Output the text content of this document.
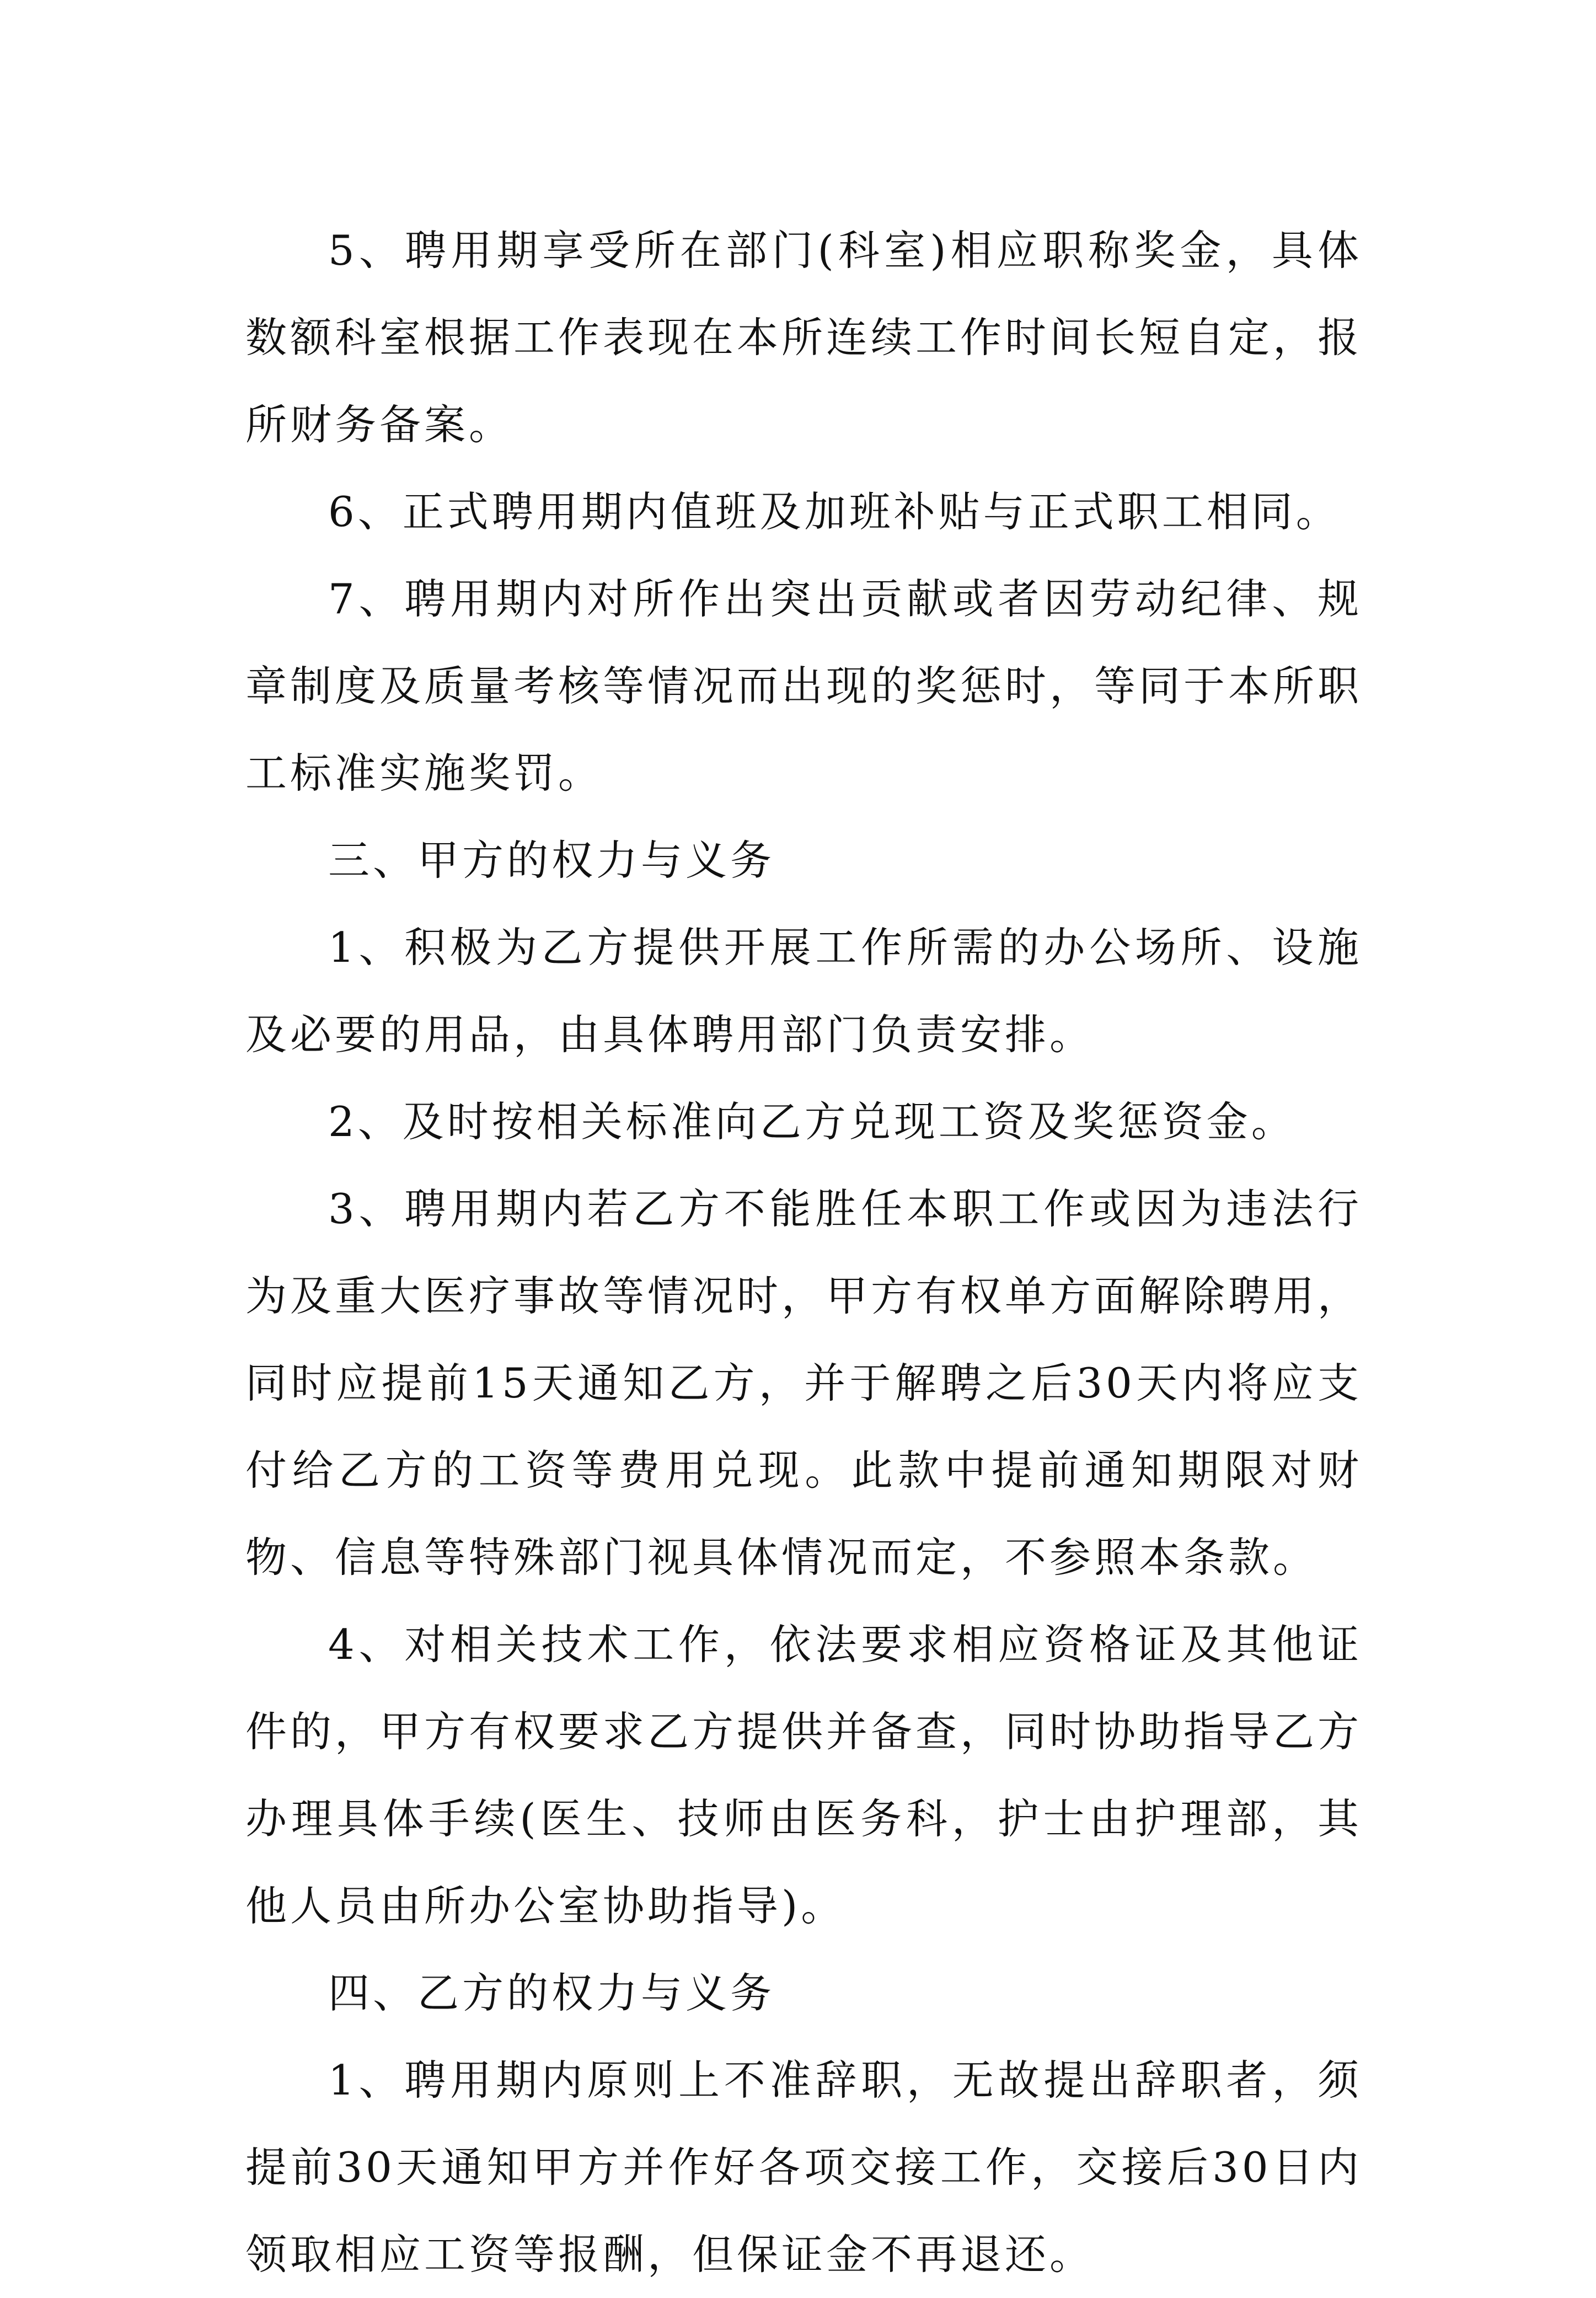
5、聘用期享受所在部门(科室)相应职称奖金，具体数额科室根据工作表现在本所连续工作时间长短自定，报所财务备案。

6、正式聘用期内值班及加班补贴与正式职工相同。

7、聘用期内对所作出突出贡献或者因劳动纪律、规章制度及质量考核等情况而出现的奖惩时，等同于本所职工标准实施奖罚。

三、甲方的权力与义务

1、积极为乙方提供开展工作所需的办公场所、设施及必要的用品，由具体聘用部门负责安排。

2、及时按相关标准向乙方兑现工资及奖惩资金。

3、聘用期内若乙方不能胜任本职工作或因为违法行为及重大医疗事故等情况时，甲方有权单方面解除聘用，同时应提前15天通知乙方，并于解聘之后30天内将应支付给乙方的工资等费用兑现。此款中提前通知期限对财物、信息等特殊部门视具体情况而定，不参照本条款。

4、对相关技术工作，依法要求相应资格证及其他证件的，甲方有权要求乙方提供并备查，同时协助指导乙方办理具体手续(医生、技师由医务科，护士由护理部，其他人员由所办公室协助指导)。

四、乙方的权力与义务

1、聘用期内原则上不准辞职，无故提出辞职者，须提前30天通知甲方并作好各项交接工作，交接后30日内领取相应工资等报酬，但保证金不再退还。
